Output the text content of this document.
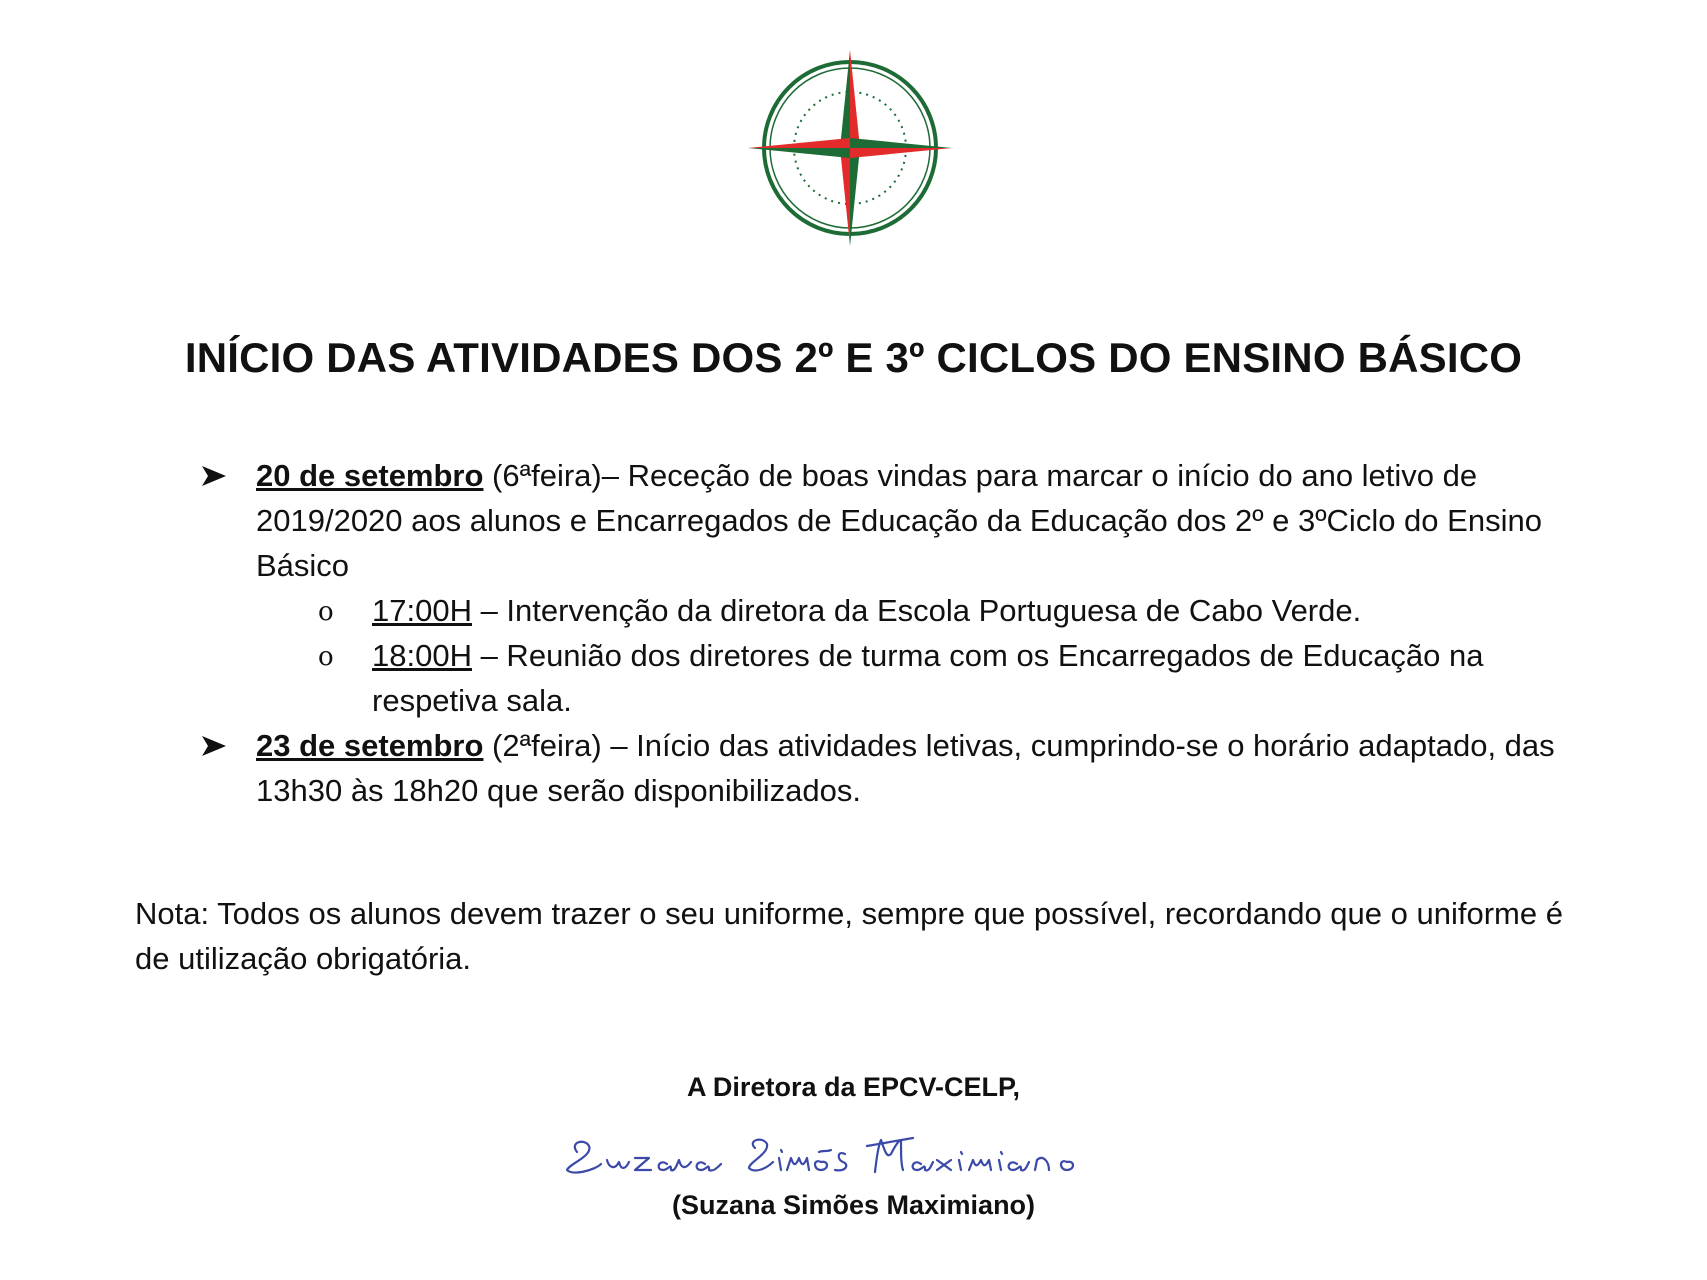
INÍCIO DAS ATIVIDADES DOS 2º E 3º CICLOS DO ENSINO BÁSICO
20 de setembro (6ªfeira)– Receção de boas vindas para marcar o início do ano letivo de 2019/2020 aos alunos e Encarregados de Educação da Educação dos 2º e 3ºCiclo do Ensino Básico
o 17:00H – Intervenção da diretora da Escola Portuguesa de Cabo Verde.
o 18:00H – Reunião dos diretores de turma com os Encarregados de Educação na respetiva sala.
23 de setembro (2ªfeira) – Início das atividades letivas, cumprindo-se o horário adaptado, das 13h30 às 18h20 que serão disponibilizados.
Nota: Todos os alunos devem trazer o seu uniforme, sempre que possível, recordando que o uniforme é de utilização obrigatória.
A Diretora da EPCV-CELP,
(Suzana Simões Maximiano)
